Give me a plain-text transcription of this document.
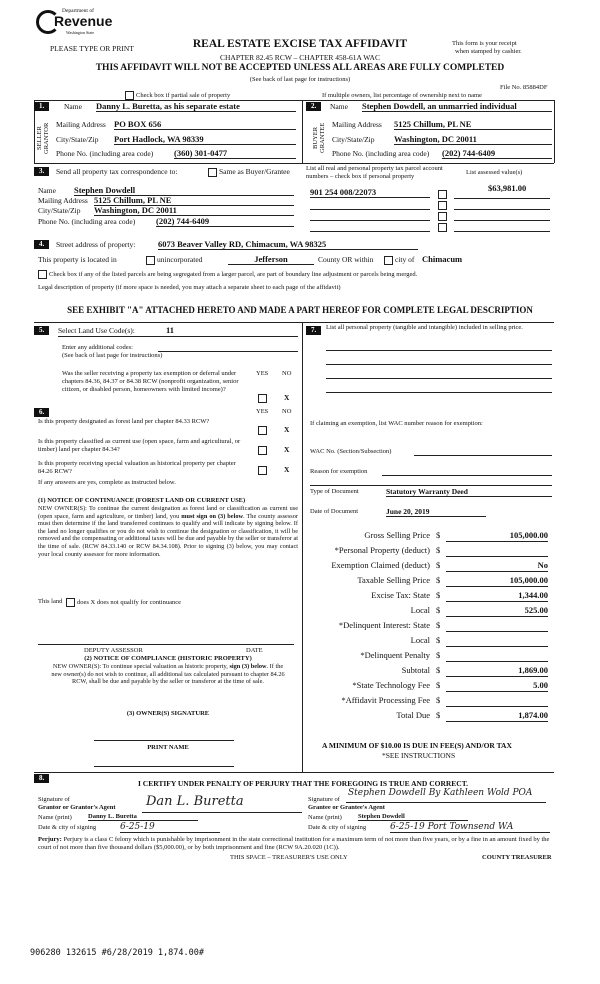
Department of
Revenue
Washington State
PLEASE TYPE OR PRINT	REAL ESTATE EXCISE TAX AFFIDAVIT
CHAPTER 82.45 RCW – CHAPTER 458-61A WAC
THIS AFFIDAVIT WILL NOT BE ACCEPTED UNLESS ALL AREAS ARE FULLY COMPLETED
(See back of last page for instructions)
This form is your receipt
when stamped by cashier.
File No. 85884DF
Check box if partial sale of property	If multiple owners, list percentage of ownership next to name
1.
SELLER GRANTOR
Name Danny L. Buretta, as his separate estate
Mailing Address PO BOX 656
City/State/Zip Port Hadlock, WA 98339
Phone No. (including area code) (360) 301-0477
2.
BUYER GRANTEE
Name Stephen Dowdell, an unmarried individual
Mailing Address 5125 Chillum, PL NE
City/State/Zip Washington, DC 20011
Phone No. (including area code) (202) 744-6409
3.	Send all property tax correspondence to:	Same as Buyer/Grantee
Name Stephen Dowdell
Mailing Address 5125 Chillum, PL NE
City/State/Zip Washington, DC 20011
Phone No. (including area code) (202) 744-6409
List all real and personal property tax parcel account
numbers – check box if personal property
List assessed value(s)
901 254 008/22073	$63,981.00
4.	Street address of property:	6073 Beaver Valley RD, Chimacum, WA 98325
This property is located in	unincorporated	Jefferson	County OR within	city of Chimacum
Check box if any of the listed parcels are being segregated from a larger parcel, are part of boundary line adjustment or parcels being merged.
Legal description of property (if more space is needed, you may attach a separate sheet to each page of the affidavit)
SEE EXHIBIT "A" ATTACHED HERETO AND MADE A PART HEREOF FOR COMPLETE LEGAL DESCRIPTION
5.	Select Land Use Code(s):	11
Enter any additional codes:
(See back of last page for instructions)
YES NO
Was the seller receiving a property tax exemption or deferral under chapters 84.36, 84.37 or 84.38 RCW (nonprofit organization, senior citizen, or disabled person, homeowners with limited income)?
X
6.	YES NO
Is this property designated as forest land per chapter 84.33 RCW?
X
Is this property classified as current use (open space, farm and agricultural, or timber) land per chapter 84.34?	X
Is this property receiving special valuation as historical property per chapter 84.26 RCW?	X
If any answers are yes, complete as instructed below.
(1) NOTICE OF CONTINUANCE (FOREST LAND OR CURRENT USE)
NEW OWNER(S): To continue the current designation as forest land or classification as current use (open space, farm and agriculture, or timber) land, you must sign on (3) below. The county assessor must then determine if the land transferred continues to qualify and will indicate by signing below. If the land no longer qualifies or you do not wish to continue the designation or classification, it will be removed and the compensating or additional taxes will be due and payable by the seller or transferor at the time of sale. (RCW 84.33.140 or RCW 84.34.108). Prior to signing (3) below, you may contact your local county assessor for more information.
This land	does X does not qualify for continuance
DEPUTY ASSESSOR	DATE
(2) NOTICE OF COMPLIANCE (HISTORIC PROPERTY)
NEW OWNER(S): To continue special valuation as historic property, sign (3) below. If the new owner(s) do not wish to continue, all additional tax calculated pursuant to chapter 84.26 RCW, shall be due and payable by the seller or transferor at the time of sale.
(3) OWNER(S) SIGNATURE
PRINT NAME
7.	List all personal property (tangible and intangible) included in selling price.
If claiming an exemption, list WAC number reason for exemption:
WAC No. (Section/Subsection)
Reason for exemption
Type of Document	Statutory Warranty Deed
Date of Document	June 20, 2019
Gross Selling Price $	105,000.00
*Personal Property (deduct) $
Exemption Claimed (deduct) $	No
Taxable Selling Price $	105,000.00
Excise Tax: State $	1,344.00
Local $	525.00
*Delinquent Interest: State $
Local $
*Delinquent Penalty $
Subtotal $	1,869.00
*State Technology Fee $	5.00
*Affidavit Processing Fee $
Total Due $	1,874.00
A MINIMUM OF $10.00 IS DUE IN FEE(S) AND/OR TAX
*SEE INSTRUCTIONS
8.
I CERTIFY UNDER PENALTY OF PERJURY THAT THE FOREGOING IS TRUE AND CORRECT.
Signature of
Grantor or Grantor's Agent Dan L. Buretta
Name (print) Danny L. Buretta
Date & city of signing	6-25-19
Signature of
Grantee or Grantee's Agent
Stephen Dowdell By Kathleen Wold POA
Name (print) Stephen Dowdell
Date & city of signing	6-25-19 Port Townsend WA
Perjury: Perjury is a class C felony which is punishable by imprisonment in the state correctional institution for a maximum term of not more than five years, or by a fine in an amount fixed by the court of not more than five thousand dollars ($5,000.00), or by both imprisonment and fine (RCW 9A.20.020 (1C)).
THIS SPACE – TREASURER'S USE ONLY	COUNTY TREASURER
906280 132615 #6/28/2019 1,874.00#
